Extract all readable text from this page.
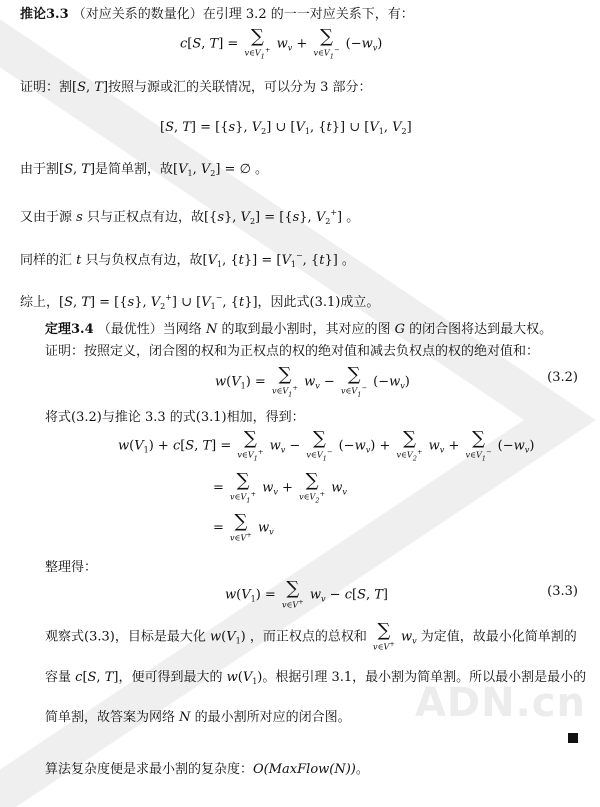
ADN.cn
推论3.3 （对应关系的数量化）在引理 3.2 的一一对应关系下，有：
c[S, T] = ∑
$v\in V_1^+$ $w_v$ + ∑
$v\in V_1^-$ $(-w_v)$
证明：割[S, T]按照与源或汇的关联情况，可以分为 3 部分：
[S, T] = [{s}, $V_2$] ∪ [$V_1$, {t}] ∪ [$V_1$, $V_2$]
由于割[S, T]是简单割，故[$V_1$, $V_2$] = ∅ 。
又由于源 s 只与正权点有边，故[{s}, $V_2] = [\{s\}$, $V_2^+$] 。
同样的汇 t 只与负权点有边，故[$V_1$, $\{t\}] = [V_1^-$, {t}] 。
综上，[S, T] = [{s}, $V_2^+$] ∪ [$V_1^-$, {t}]，因此式(3.1)成立。
定理3.4 （最优性）当网络 N 的取到最小割时，其对应的图 G 的闭合图将达到最大权。
证明：按照定义，闭合图的权和为正权点的权的绝对值和减去负权点的权的绝对值和：
$w(V_1)$ = ∑
$v\in V_1^+$ $w_v$ − ∑
$v\in V_1^-$ $(-w_v)$	(3.2)
将式(3.2)与推论 3.3 的式(3.1)相加，得到：
$w(V_1) + c[S$, T] = ∑
$v\in V_1^+$ $w_v$ − ∑
$v\in V_1^-$ $(-w_v)$ + ∑
$v\in V_2^+$ $w_v$ + ∑
$v\in V_1^-$ $(-w_v)$
= ∑
$v\in V_1^+$ $w_v$ + ∑
$v\in V_2^+$ $w_v$
= ∑
v∈V+ $w_v$
整理得：
$w(V_1)$ = ∑
v∈V+ $w_v - c[S$, T]	(3.3)
观察式(3.3)，目标是最大化 $w(V_1)$ ，而正权点的总权和 ∑
v∈V+ $w_v$ 为定值，故最小化简单割的
容量 c[S, T]，便可得到最大的 $w(V_1)$。根据引理 3.1，最小割为简单割。所以最小割是最小的
简单割，故答案为网络 N 的最小割所对应的闭合图。
算法复杂度便是求最小割的复杂度：O(MaxFlow(N))。
